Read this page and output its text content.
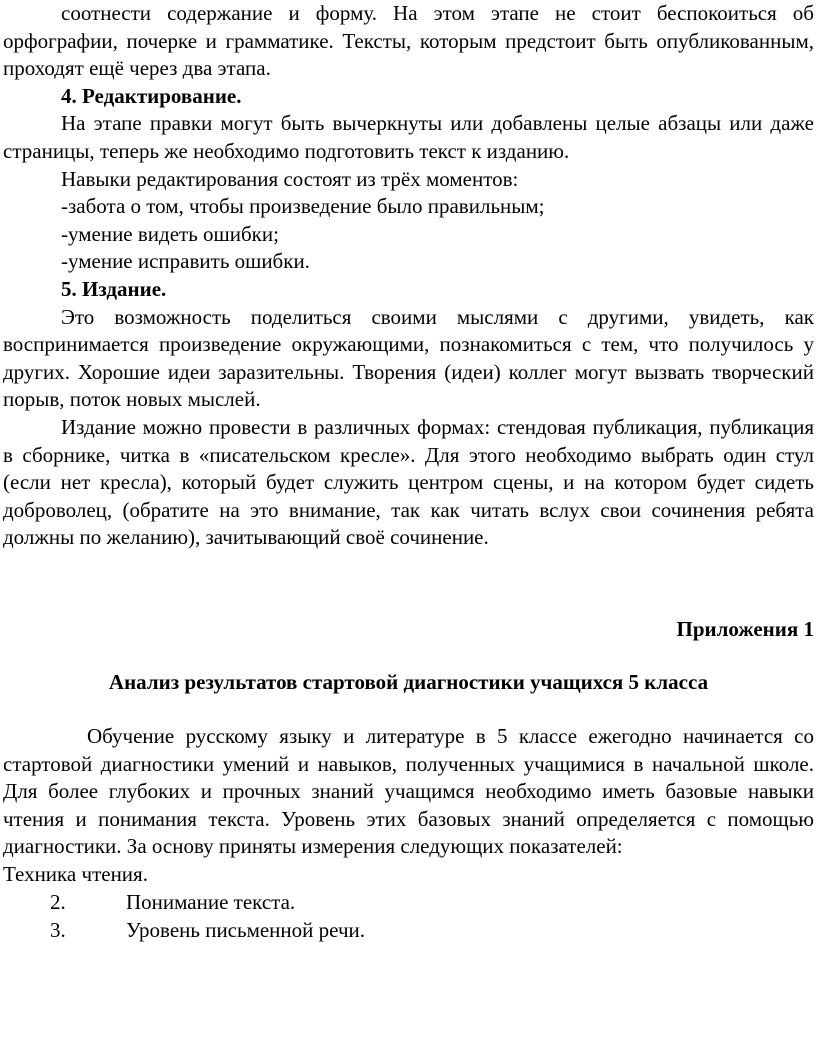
соотнести содержание и форму. На этом этапе не стоит беспокоиться об орфографии, почерке и грамматике. Тексты, которым предстоит быть опубликованным, проходят ещё через два этапа.

4. Редактирование.

На этапе правки могут быть вычеркнуты или добавлены целые абзацы или даже страницы, теперь же необходимо подготовить текст к изданию.

Навыки редактирования состоят из трёх моментов:

-забота о том, чтобы произведение было правильным;

-умение видеть ошибки;

-умение исправить ошибки.

5. Издание.

Это возможность поделиться своими мыслями с другими, увидеть, как воспринимается произведение окружающими, познакомиться с тем, что получилось у других. Хорошие идеи заразительны. Творения (идеи) коллег могут вызвать творческий порыв, поток новых мыслей.

Издание можно провести в различных формах: стендовая публикация, публикация в сборнике, читка в «писательском кресле». Для этого необходимо выбрать один стул (если нет кресла), который будет служить центром сцены, и на котором будет сидеть доброволец, (обратите на это внимание, так как читать вслух свои сочинения ребята должны по желанию), зачитывающий своё сочинение.

Приложения 1

Анализ результатов стартовой диагностики учащихся 5 класса

Обучение русскому языку и литературе в 5 классе ежегодно начинается со стартовой диагностики умений и навыков, полученных учащимися в начальной школе. Для более глубоких и прочных знаний учащимся необходимо иметь базовые навыки чтения и понимания текста. Уровень этих базовых знаний определяется с помощью диагностики. За основу приняты измерения следующих показателей:

Техника чтения.

2.	Понимание текста.
3.	Уровень письменной речи.
